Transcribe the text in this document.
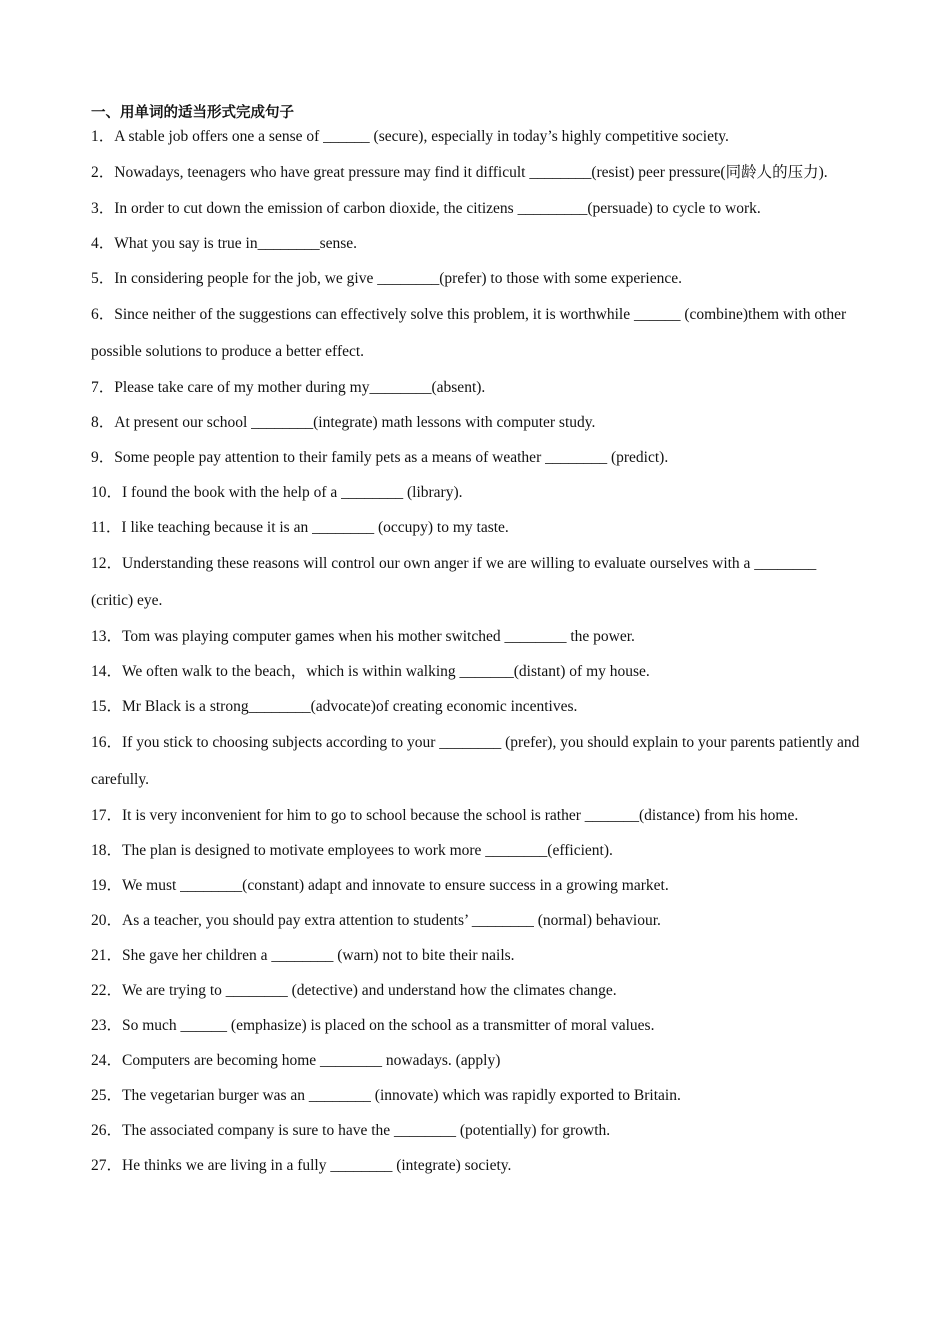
一、用单词的适当形式完成句子

1．A stable job offers one a sense of ______ (secure), especially in today’s highly competitive society.

2．Nowadays, teenagers who have great pressure may find it difficult ________(resist) peer pressure(同龄人的压力).

3．In order to cut down the emission of carbon dioxide, the citizens _________(persuade) to cycle to work.

4．What you say is true in________sense.

5．In considering people for the job, we give ________(prefer) to those with some experience.

6．Since neither of the suggestions can effectively solve this problem, it is worthwhile ______ (combine)them with other possible solutions to produce a better effect.

7．Please take care of my mother during my________(absent).

8．At present our school ________(integrate) math lessons with computer study.

9．Some people pay attention to their family pets as a means of weather ________ (predict).

10．I found the book with the help of a ________ (library).

11．I like teaching because it is an ________ (occupy) to my taste.

12．Understanding these reasons will control our own anger if we are willing to evaluate ourselves with a ________ (critic) eye.

13．Tom was playing computer games when his mother switched ________ the power.

14．We often walk to the beach，which is within walking _______(distant) of my house.

15．Mr Black is a strong________(advocate)of creating economic incentives.

16．If you stick to choosing subjects according to your ________ (prefer), you should explain to your parents patiently and carefully.

17．It is very inconvenient for him to go to school because the school is rather _______(distance) from his home.

18．The plan is designed to motivate employees to work more ________(efficient).

19．We must ________(constant) adapt and innovate to ensure success in a growing market.

20．As a teacher, you should pay extra attention to students’ ________ (normal) behaviour.

21．She gave her children a ________ (warn) not to bite their nails.

22．We are trying to ________ (detective) and understand how the climates change.

23．So much ______ (emphasize) is placed on the school as a transmitter of moral values.

24．Computers are becoming home ________ nowadays. (apply)

25．The vegetarian burger was an ________ (innovate) which was rapidly exported to Britain.

26．The associated company is sure to have the ________ (potentially) for growth.

27．He thinks we are living in a fully ________ (integrate) society.
